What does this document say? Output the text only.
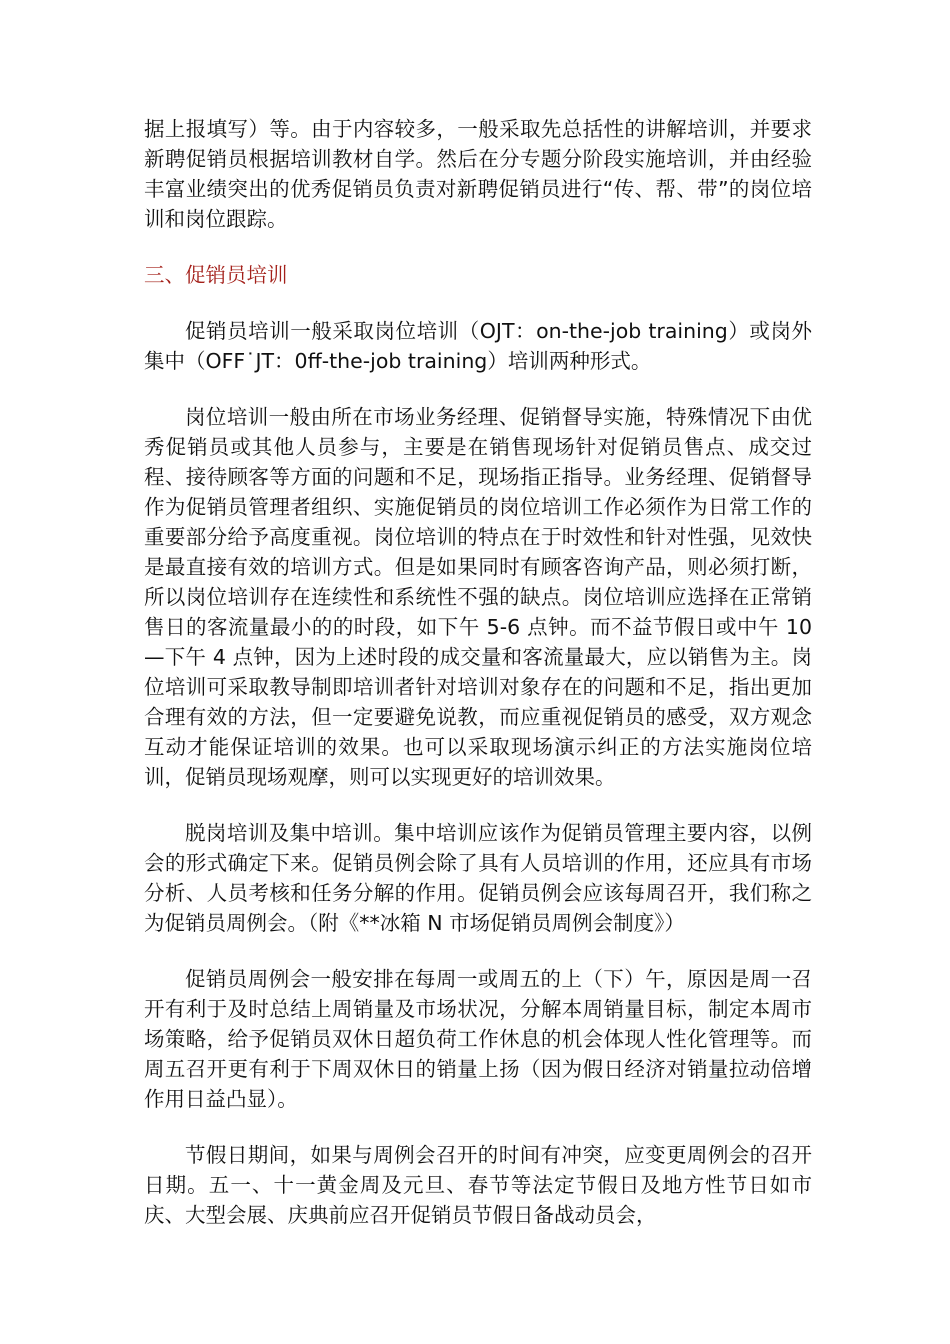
据上报填写）等。由于内容较多，一般采取先总括性的讲解培训，并要求新聘促销员根据培训教材自学。然后在分专题分阶段实施培训，并由经验丰富业绩突出的优秀促销员负责对新聘促销员进行“传、帮、带”的岗位培训和岗位跟踪。

三、促销员培训

促销员培训一般采取岗位培训（OJT：on-the-job training）或岗外集中（OFF˙JT：0ff-the-job training）培训两种形式。

岗位培训一般由所在市场业务经理、促销督导实施，特殊情况下由优秀促销员或其他人员参与，主要是在销售现场针对促销员售点、成交过程、接待顾客等方面的问题和不足，现场指正指导。业务经理、促销督导作为促销员管理者组织、实施促销员的岗位培训工作必须作为日常工作的重要部分给予高度重视。岗位培训的特点在于时效性和针对性强，见效快是最直接有效的培训方式。但是如果同时有顾客咨询产品，则必须打断，所以岗位培训存在连续性和系统性不强的缺点。岗位培训应选择在正常销售日的客流量最小的的时段，如下午 5-6 点钟。而不益节假日或中午 10—下午 4 点钟，因为上述时段的成交量和客流量最大，应以销售为主。岗位培训可采取教导制即培训者针对培训对象存在的问题和不足，指出更加合理有效的方法，但一定要避免说教，而应重视促销员的感受，双方观念互动才能保证培训的效果。也可以采取现场演示纠正的方法实施岗位培训，促销员现场观摩，则可以实现更好的培训效果。

脱岗培训及集中培训。集中培训应该作为促销员管理主要内容，以例会的形式确定下来。促销员例会除了具有人员培训的作用，还应具有市场分析、人员考核和任务分解的作用。促销员例会应该每周召开，我们称之为促销员周例会。（附《**冰箱 N 市场促销员周例会制度》）

促销员周例会一般安排在每周一或周五的上（下）午，原因是周一召开有利于及时总结上周销量及市场状况，分解本周销量目标，制定本周市场策略，给予促销员双休日超负荷工作休息的机会体现人性化管理等。而周五召开更有利于下周双休日的销量上扬（因为假日经济对销量拉动倍增作用日益凸显）。

节假日期间，如果与周例会召开的时间有冲突，应变更周例会的召开日期。五一、十一黄金周及元旦、春节等法定节假日及地方性节日如市庆、大型会展、庆典前应召开促销员节假日备战动员会，
